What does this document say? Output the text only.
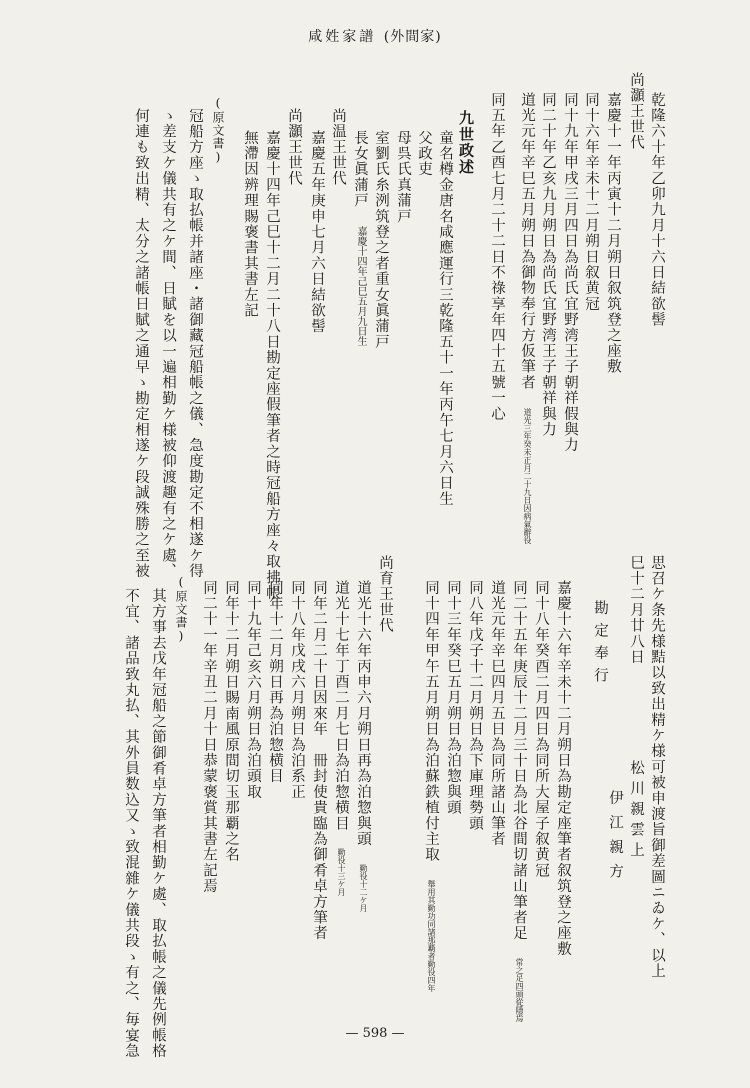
咸姓家譜 (外間家)
乾隆六十年乙卯九月十六日結欲髻
尚灝王世代
嘉慶十一年丙寅十二月朔日叙筑登之座敷
同十六年辛未十二月朔日叙黄冠
同十九年甲戌三月四日為尚氏宜野湾王子朝祥假與力
同二十年乙亥九月朔日為尚氏宜野湾王子朝祥與力
道光元年辛巳五月朔日為御物奉行方仮筆者 道光三年癸未正月二十九日因病氣辭役
同五年乙酉七月二十二日不祿享年四十五號一心
九世政述
童名樽金唐名咸應運行三乾隆五十一年丙午七月六日生
父政吏
母呉氏真蒲戸
室劉氏糸洌筑登之者重女眞蒲戸
長女眞蒲戸 嘉慶十四年己巳五月九日生
尚温王世代
嘉慶五年庚申七月六日結欲髻
尚灝王世代
嘉慶十四年己巳十二月二十八日勘定座假筆者之時冠船方座々取拂帳
無滯因辨理賜褒書其書左記
(原文書)
冠船方座ゝ取払帳并諸座・諸御藏冠船帳之儀、急度勘定不相遂ケ得
ゝ差支ケ儀共有之ケ間、日賦を以一遍相勤ケ様被仰渡趣有之ケ處、
何連も致出精、太分之諸帳日賦之通早ゝ勘定相遂ケ段誠殊勝之至被
思召ケ条先様黠以致出精ケ様可被申渡旨御差圖ニゐケ、以上
巳十二月廿八日
松川親雲上
伊江親方
勘定奉行
嘉慶十六年辛未十二月朔日為勘定座筆者叙筑登之座敷
同十八年癸酉二月四日為同所大屋子叙黄冠
同二十五年庚辰十二月三十日為北谷間切諸山筆者足 常之足四頭從隱焉
道光元年辛巳四月五日為同所諸山筆者
同八年戊子十二月朔日為下庫理勢頭
同十三年癸巳五月朔日為泊惣與頭
同十四年甲午五月朔日為泊蘇鉄植付主取 舉用其勤功同諸那覇者勤役四年
尚育王世代
道光十六年丙申六月朔日再為泊惣與頭 勤役十二ケ月
道光十七年丁酉二月七日為泊惣横目 勤役十三ケ月
同年二月二十日因來年　冊封使貴臨為御肴卓方筆者
同十八年戊戌六月朔日為泊系正
同年十二月朔日再為泊惣横目
同十九年己亥六月朔日為泊頭取
同年十二月朔日賜南風原間切玉那覇之名
同二十一年辛丑二月十日恭蒙褒賞其書左記焉
(原文書)
其方事去戊年冠船之節御肴卓方筆者相勤ケ處、取払帳之儀先例帳格
不宜、諸品致丸払、其外員数込又ゝ致混雜ケ儀共段ゝ有之、毎宴急	— 598 —
